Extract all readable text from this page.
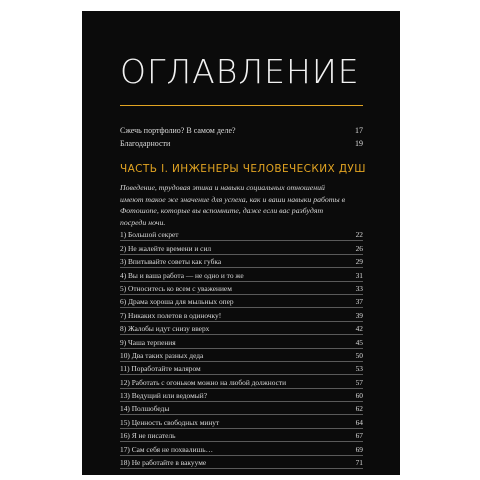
ОГЛАВЛЕНИЕ
Сжечь портфолио? В самом деле?	17
Благодарности	19
ЧАСТЬ I. ИНЖЕНЕРЫ ЧЕЛОВЕЧЕСКИХ ДУШ

Поведение, трудовая этика и навыки социальных отношений имеют такое же значение для успеха, как и ваши навыки работы в Фотошопе, которые вы вспомните, даже если вас разбудят посреди ночи.

1) Большой секрет	22
2) Не жалейте времени и сил	26
3) Впитывайте советы как губка	29
4) Вы и ваша работа — не одно и то же	31
5) Относитесь ко всем с уважением	33
6) Драма хороша для мыльных опер	37
7) Никаких полетов в одиночку!	39
8) Жалобы идут снизу вверх	42
9) Чаша терпения	45
10) Два таких разных деда	50
11) Поработайте маляром	53
12) Работать с огоньком можно на любой должности	57
13) Ведущий или ведомый?	60
14) Полшобеды	62
15) Ценность свободных минут	64
16) Я не писатель	67
17) Сам себя не похвалишь…	69
18) Не работайте в вакууме	71
